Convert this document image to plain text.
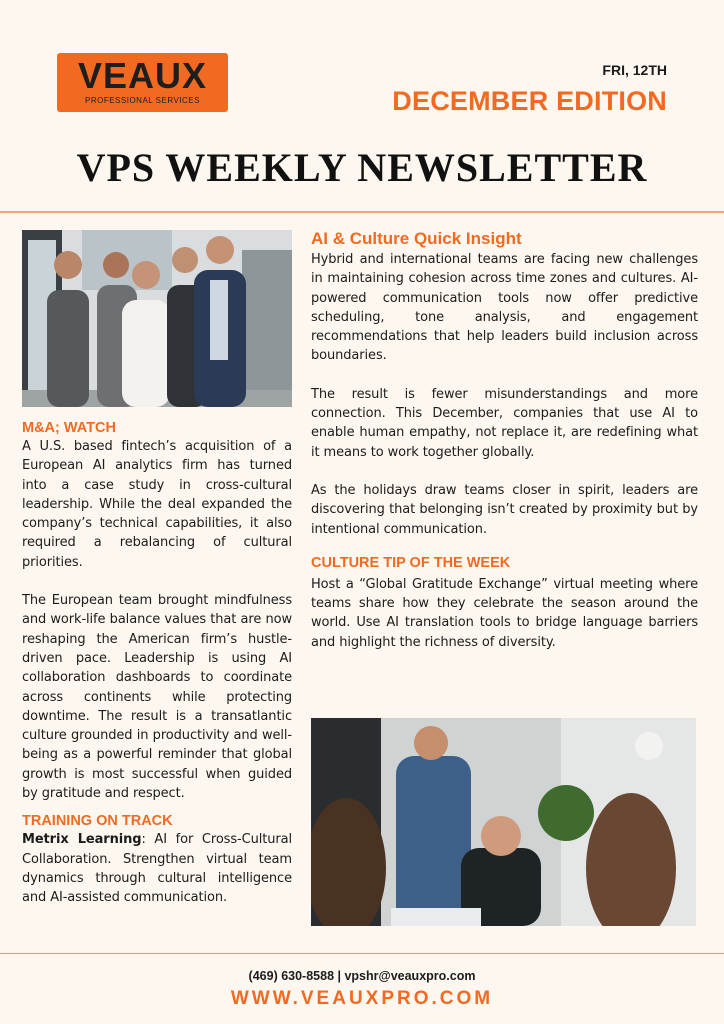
VEAUX
PROFESSIONAL SERVICES
FRI, 12TH
DECEMBER EDITION
VPS WEEKLY NEWSLETTER
M&A; WATCH

A U.S. based fintech’s acquisition of a European AI analytics firm has turned into a case study in cross-cultural leadership. While the deal expanded the company’s technical capabilities, it also required a rebalancing of cultural priorities.

The European team brought mindfulness and work-life balance values that are now reshaping the American firm’s hustle-driven pace. Leadership is using AI collaboration dashboards to coordinate across continents while protecting downtime. The result is a transatlantic culture grounded in productivity and well-being as a powerful reminder that global growth is most successful when guided by gratitude and respect.

TRAINING ON TRACK

Metrix Learning: AI for Cross-Cultural Collaboration. Strengthen virtual team dynamics through cultural intelligence and AI-assisted communication.

AI & Culture Quick Insight

Hybrid and international teams are facing new challenges in maintaining cohesion across time zones and cultures. AI-powered communication tools now offer predictive scheduling, tone analysis, and engagement recommendations that help leaders build inclusion across boundaries.

The result is fewer misunderstandings and more connection. This December, companies that use AI to enable human empathy, not replace it, are redefining what it means to work together globally.

As the holidays draw teams closer in spirit, leaders are discovering that belonging isn’t created by proximity but by intentional communication.

CULTURE TIP OF THE WEEK

Host a “Global Gratitude Exchange” virtual meeting where teams share how they celebrate the season around the world. Use AI translation tools to bridge language barriers and highlight the richness of diversity.

(469) 630-8588 | vpshr@veauxpro.com
WWW.VEAUXPRO.COM
